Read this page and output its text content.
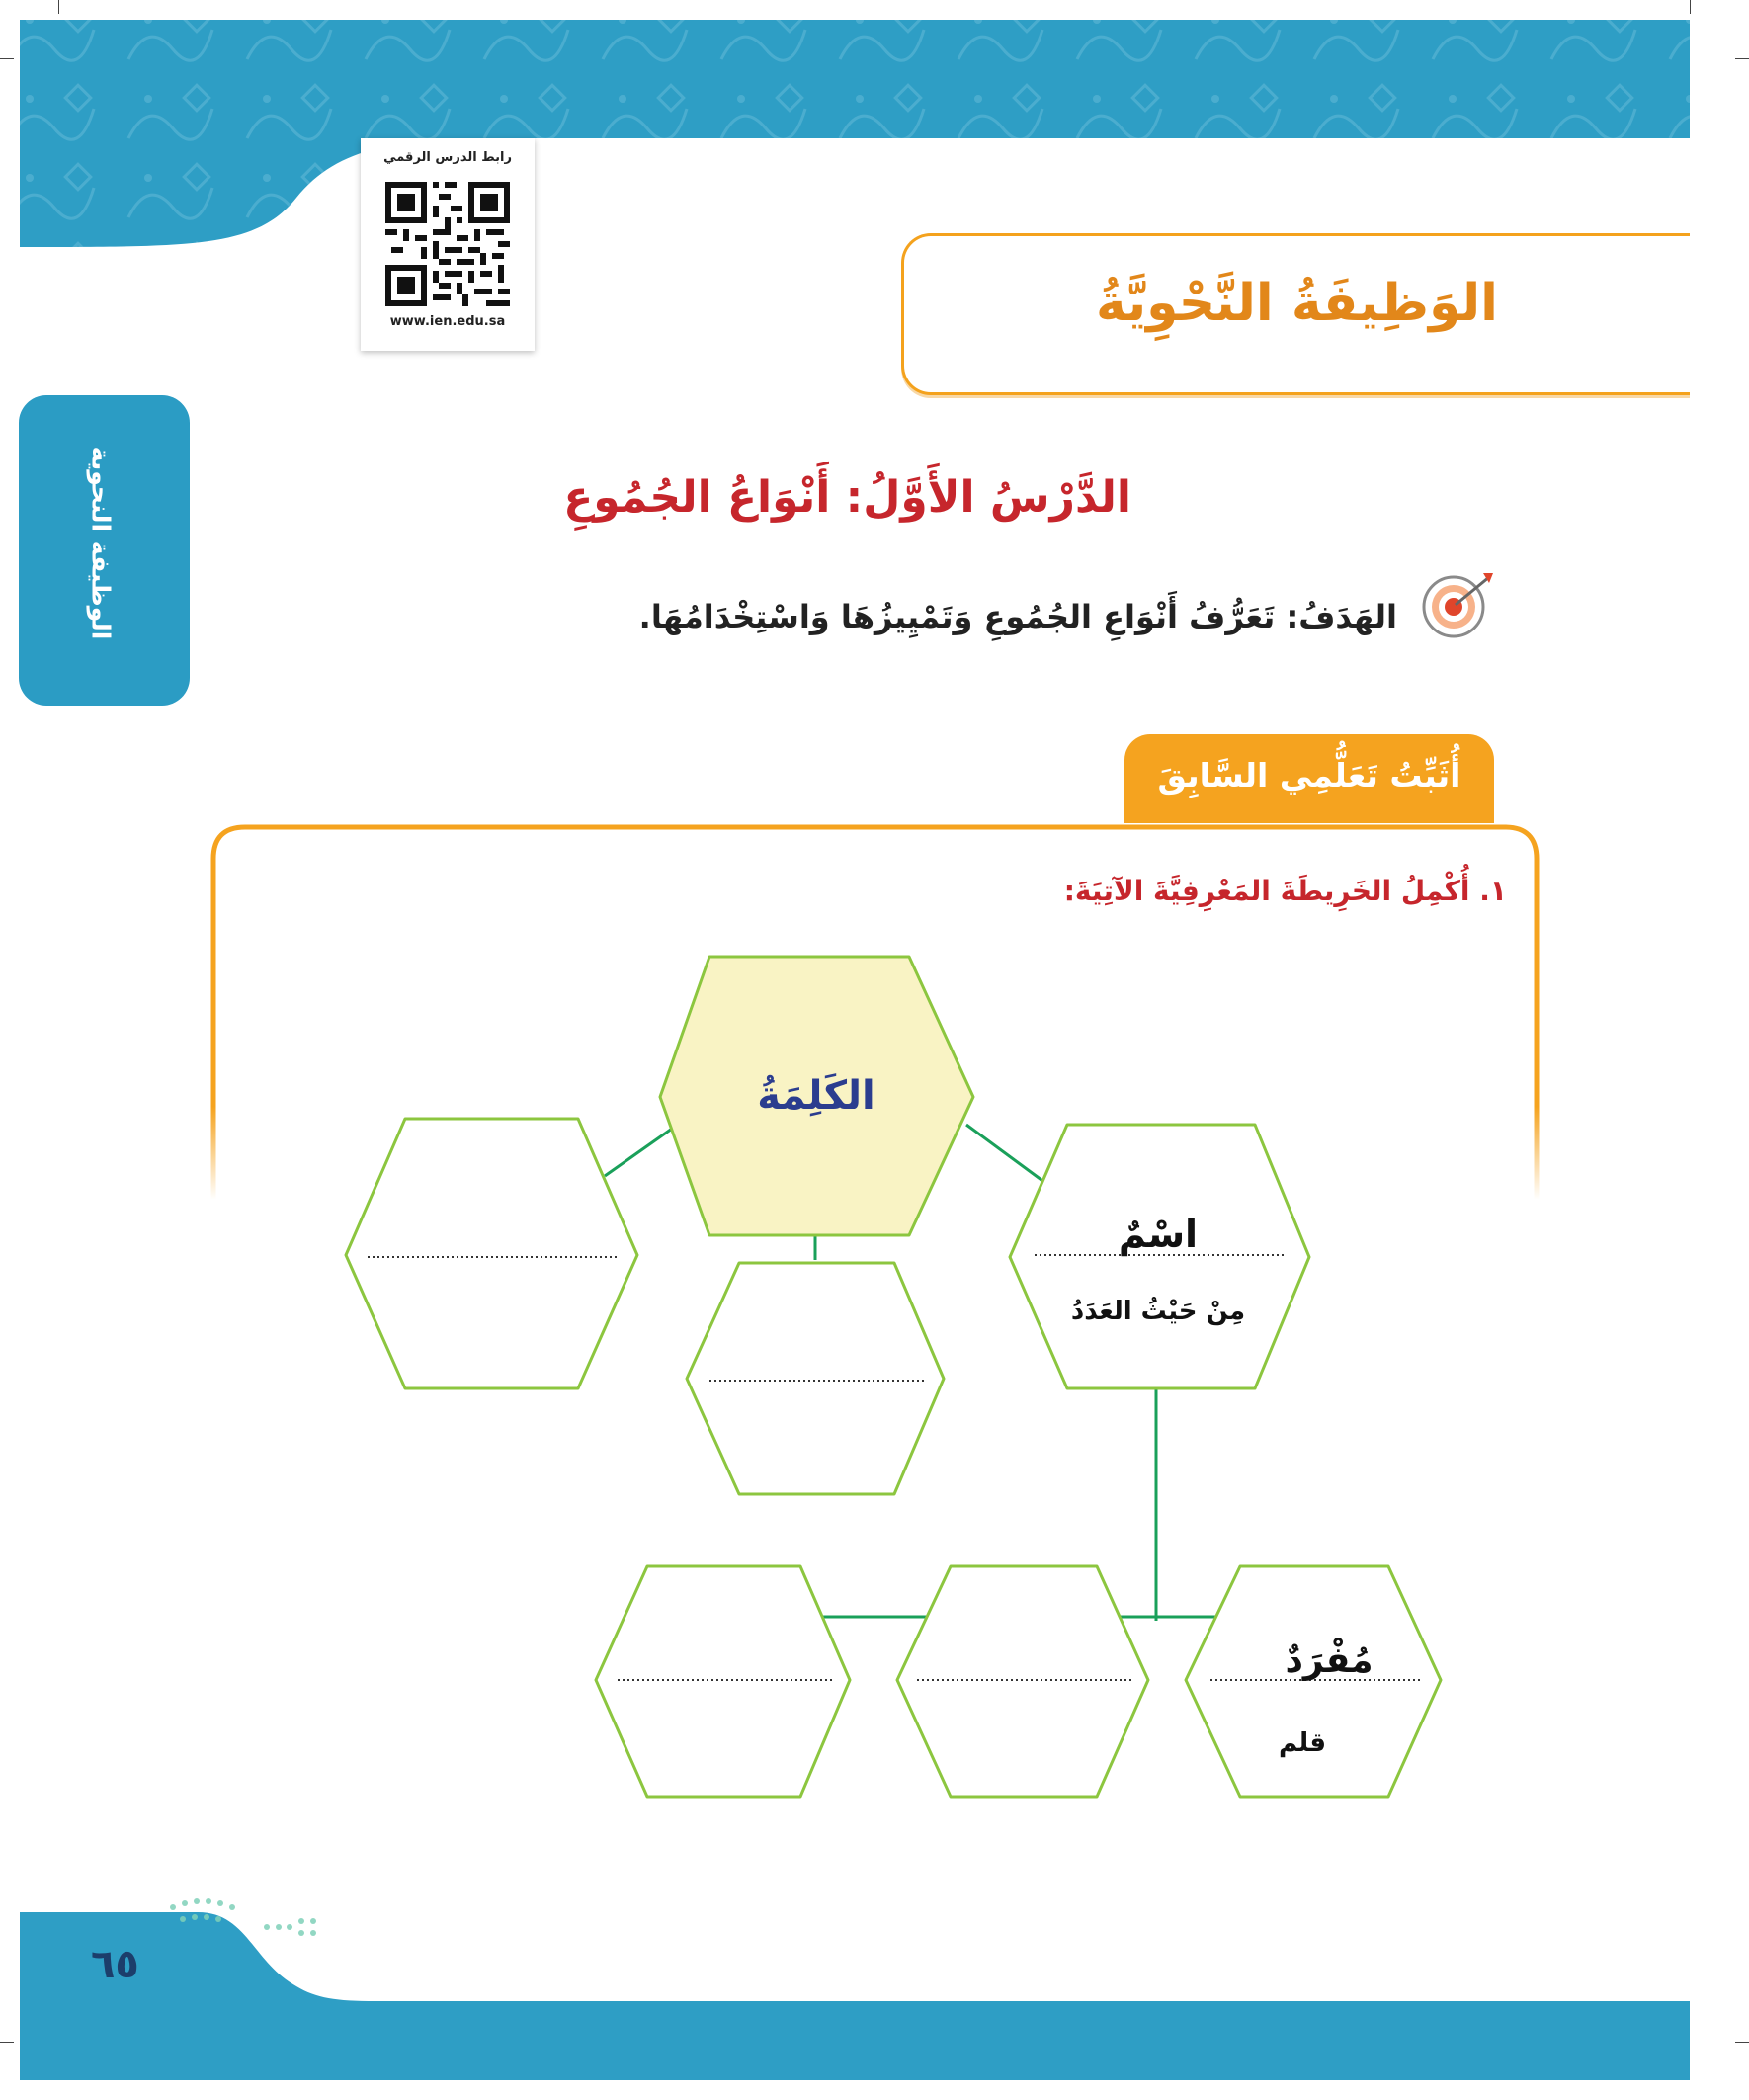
رابط الدرس الرقمي
www.ien.edu.sa	الوَظِيفَةُ النَّحْوِيَّةُ
الوظيفة النحوية	الدَّرْسُ الأَوَّلُ: أَنْوَاعُ الجُمُوعِ
الهَدَفُ: تَعَرُّفُ أَنْوَاعِ الجُمُوعِ وَتَمْيِيزُهَا وَاسْتِخْدَامُهَا.
أُثَبِّتُ تَعَلُّمِي السَّابِقَ
١. أُكْمِلُ الخَرِيطَةَ المَعْرِفِيَّةَ الآتِيَةَ:
الكَلِمَةُ
اسْمٌ
مِنْ حَيْثُ العَدَدُ
مُفْرَدٌ
قلم
٦٥
